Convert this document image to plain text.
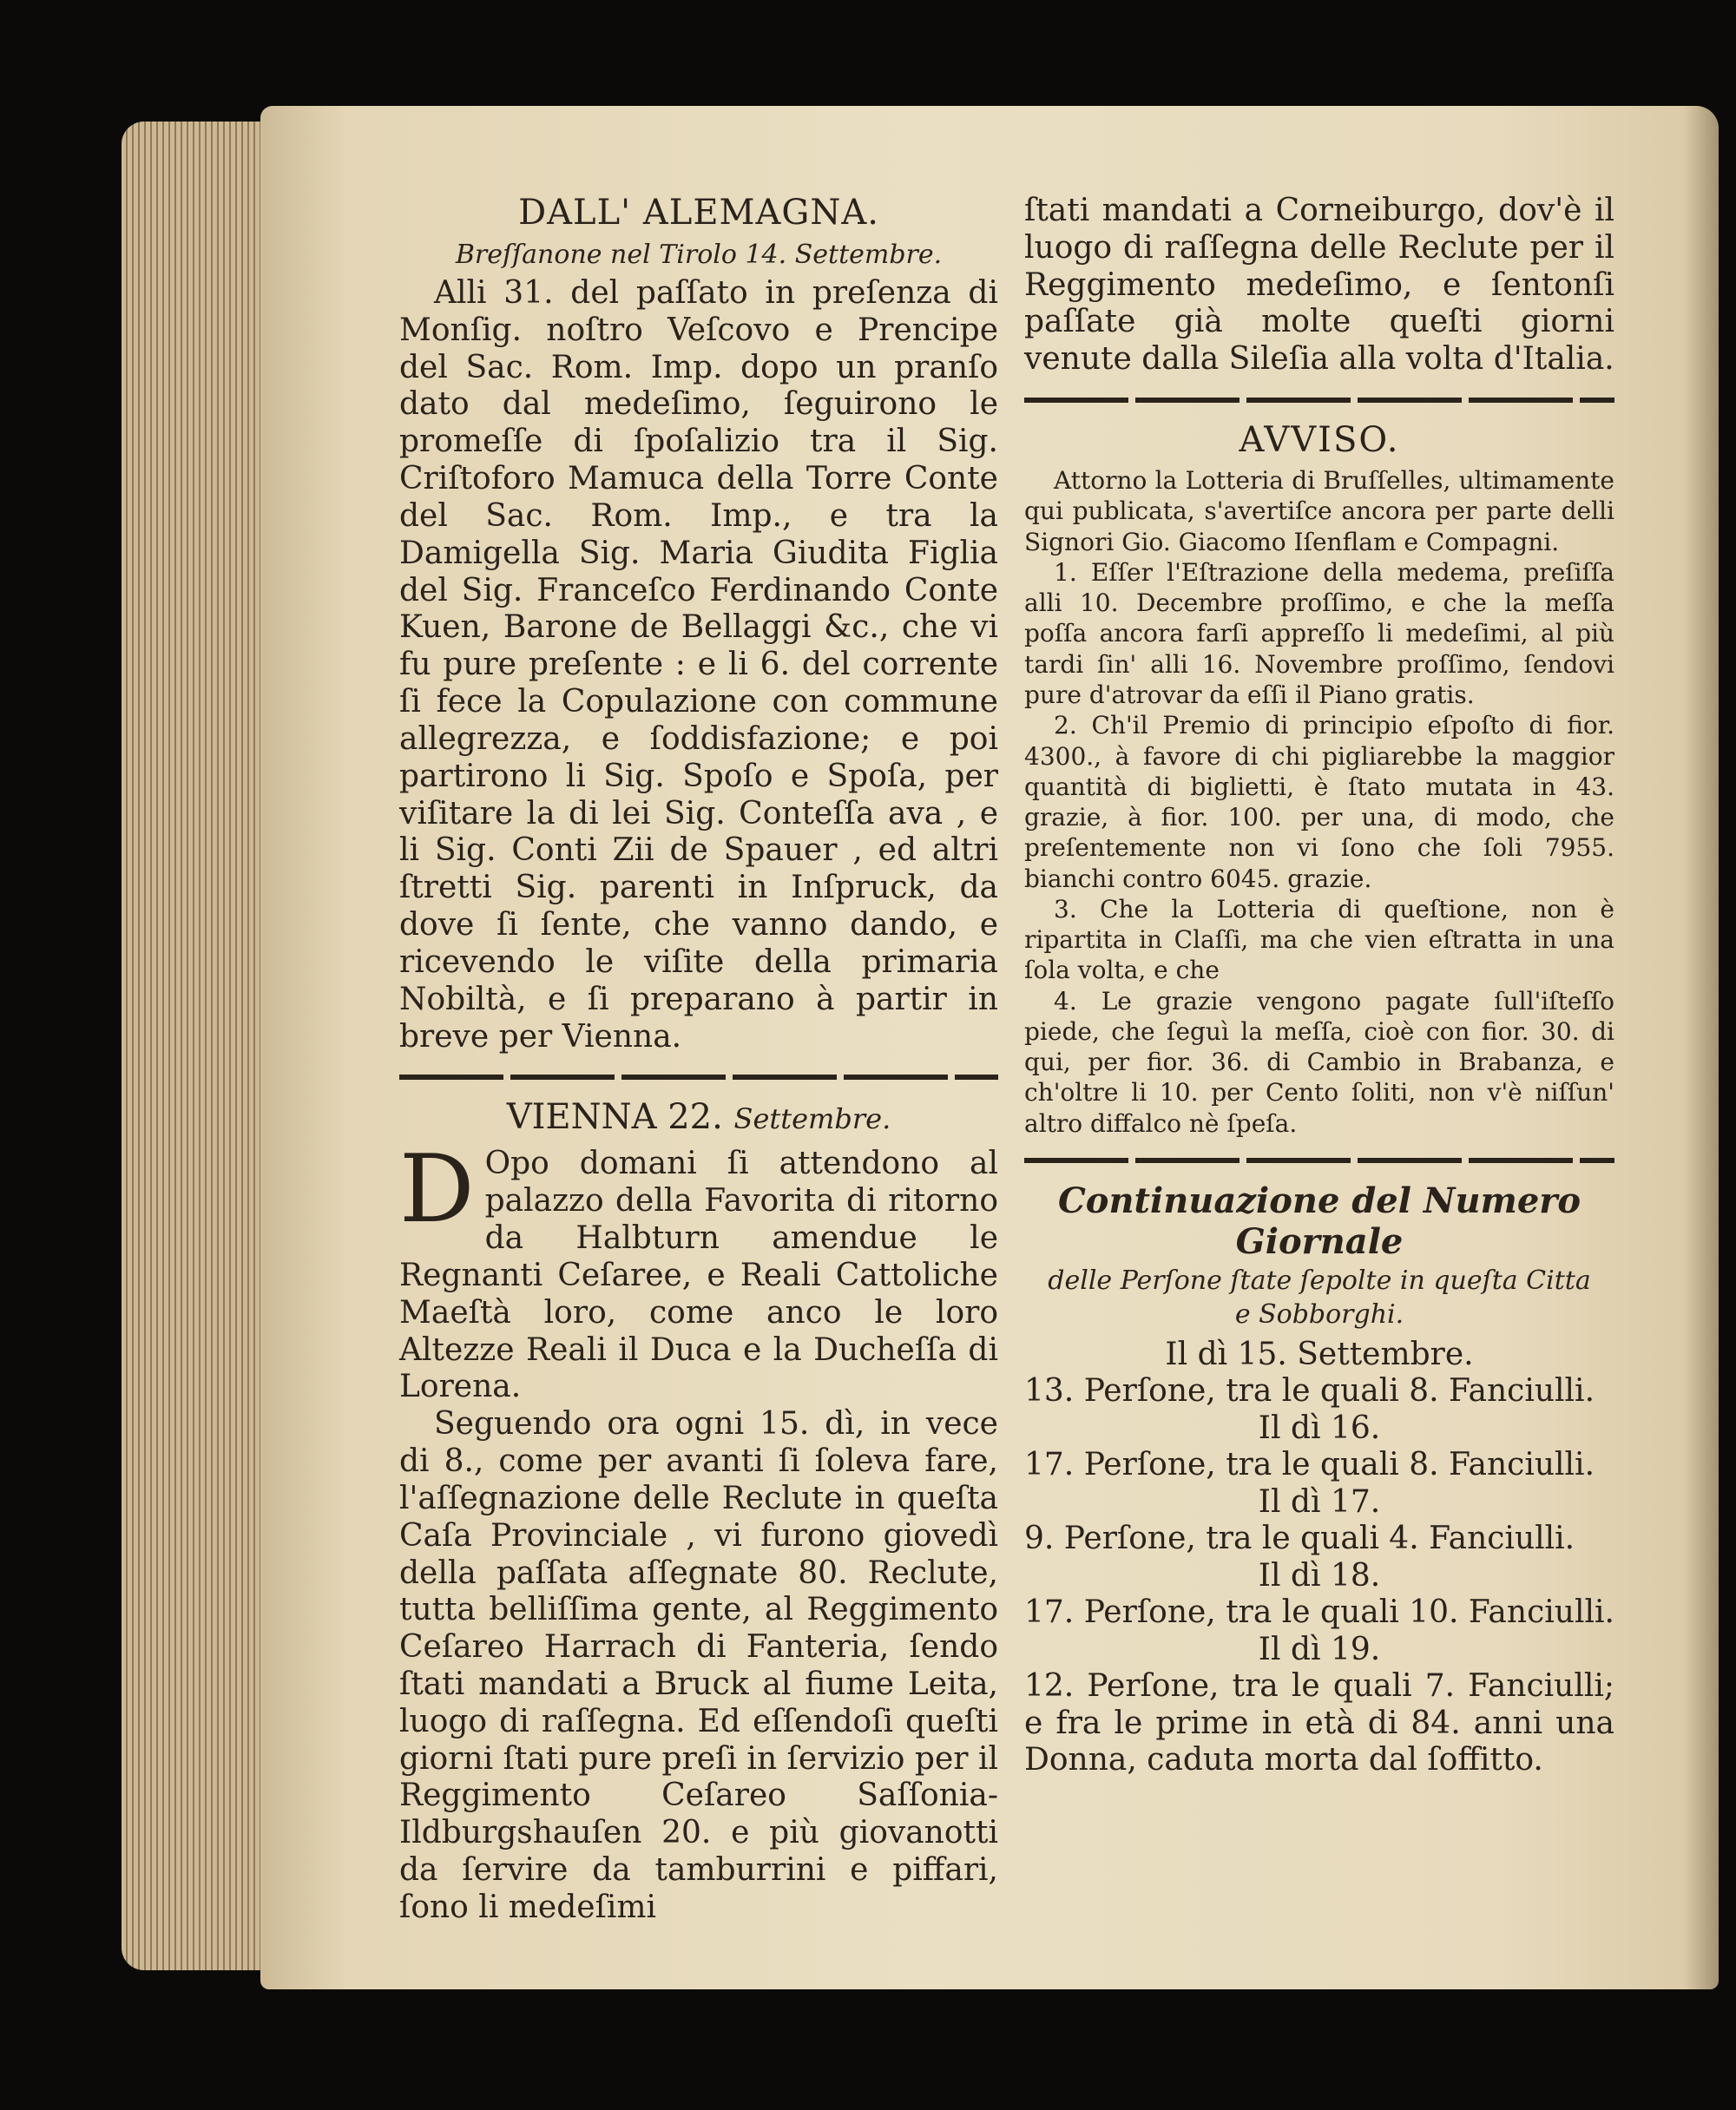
DALL' ALEMAGNA.
Breſſanone nel Tirolo 14. Settembre.

Alli 31. del paſſato in preſenza di Monſig. noſtro Veſcovo e Prencipe del Sac. Rom. Imp. dopo un pranſo dato dal medeſimo, ſeguirono le promeſſe di ſpoſalizio tra il Sig. Criſtoforo Mamuca della Torre Conte del Sac. Rom. Imp., e tra la Damigella Sig. Maria Giudita Figlia del Sig. Franceſco Ferdinando Conte Kuen, Barone de Bellaggi &c., che vi fu pure preſente : e li 6. del corrente ſi fece la Copulazione con commune allegrezza, e ſoddisfazione; e poi partirono li Sig. Spoſo e Spoſa, per viſitare la di lei Sig. Conteſſa ava , e li Sig. Conti Zii de Spauer , ed altri ſtretti Sig. parenti in Inſpruck, da dove ſi ſente, che vanno dando, e ricevendo le viſite della primaria Nobiltà, e ſi preparano à partir in breve per Vienna.

VIENNA 22. Settembre.

D Opo domani ſi attendono al palazzo della Favorita di ritorno da Halbturn amendue le Regnanti Ceſaree, e Reali Cattoliche Maeſtà loro, come anco le loro Altezze Reali il Duca e la Ducheſſa di Lorena.

Seguendo ora ogni 15. dì, in vece di 8., come per avanti ſi ſoleva fare, l'aſſegnazione delle Reclute in queſta Caſa Provinciale , vi furono giovedì della paſſata aſſegnate 80. Reclute, tutta belliſſima gente, al Reggimento Ceſareo Harrach di Fanteria, ſendo ſtati mandati a Bruck al fiume Leita, luogo di raſſegna. Ed eſſendoſi queſti giorni ſtati pure preſi in ſervizio per il Reggimento Ceſareo Saſſonia-Ildburgshauſen 20. e più giovanotti da ſervire da tamburrini e piffari, ſono li medeſimi

ſtati mandati a Corneiburgo, dov'è il luogo di raſſegna delle Reclute per il Reggimento medeſimo, e ſentonſi paſſate già molte queſti giorni venute dalla Sileſia alla volta d'Italia.

AVVISO.

Attorno la Lotteria di Bruſſelles, ultimamente qui publicata, s'avertiſce ancora per parte delli Signori Gio. Giacomo Iſenflam e Compagni.

1. Eſſer l'Eſtrazione della medema, preſiſſa alli 10. Decembre proſſimo, e che la meſſa poſſa ancora farſi appreſſo li medeſimi, al più tardi ſin' alli 16. Novembre proſſimo, ſendovi pure d'atrovar da eſſi il Piano gratis.

2. Ch'il Premio di principio eſpoſto di fior. 4300., à favore di chi pigliarebbe la maggior quantità di biglietti, è ſtato mutata in 43. grazie, à fior. 100. per una, di modo, che preſentemente non vi ſono che ſoli 7955. bianchi contro 6045. grazie.

3. Che la Lotteria di queſtione, non è ripartita in Claſſi, ma che vien eſtratta in una ſola volta, e che

4. Le grazie vengono pagate ſull'iſteſſo piede, che ſeguì la meſſa, cioè con fior. 30. di qui, per fior. 36. di Cambio in Brabanza, e ch'oltre li 10. per Cento ſoliti, non v'è niſſun' altro diffalco nè ſpeſa.

Continuazione del Numero Giornale
delle Perſone ſtate ſepolte in queſta Citta
e Sobborghi.
Il dì 15. Settembre.
13. Perſone, tra le quali 8. Fanciulli.
Il dì 16.
17. Perſone, tra le quali 8. Fanciulli.
Il dì 17.
9. Perſone, tra le quali 4. Fanciulli.
Il dì 18.
17. Perſone, tra le quali 10. Fanciulli.
Il dì 19.
12. Perſone, tra le quali 7. Fanciulli; e fra le prime in età di 84. anni una Donna, caduta morta dal ſoffitto.
